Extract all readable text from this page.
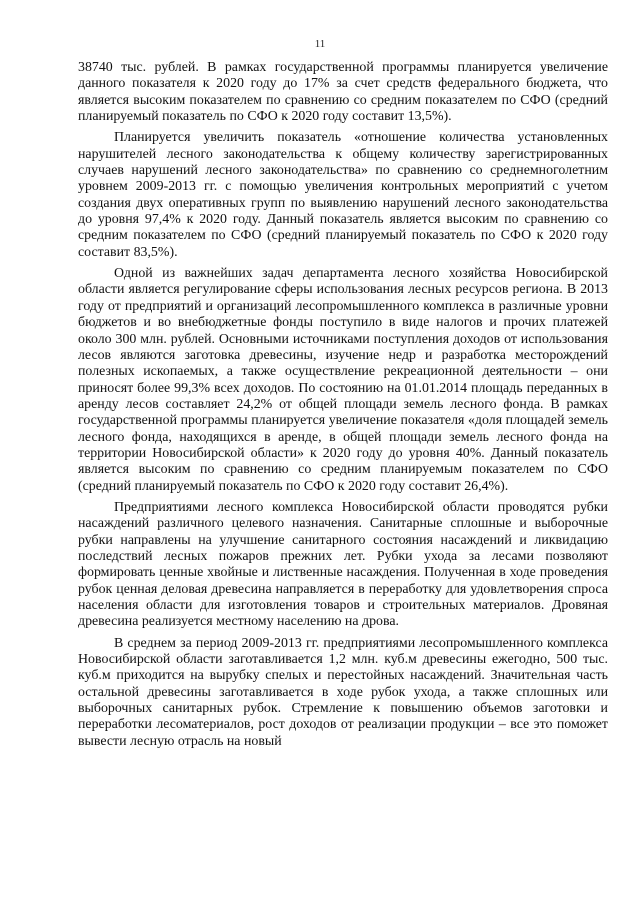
11

38740 тыс. рублей. В рамках государственной программы планируется увеличение данного показателя к 2020 году до 17% за счет средств федерального бюджета, что является высоким показателем по сравнению со средним показателем по СФО (средний планируемый показатель по СФО к 2020 году составит 13,5%).

Планируется увеличить показатель «отношение количества установленных нарушителей лесного законодательства к общему количеству зарегистрированных случаев нарушений лесного законодательства» по сравнению со среднемноголетним уровнем 2009-2013 гг. с помощью увеличения контрольных мероприятий с учетом создания двух оперативных групп по выявлению нарушений лесного законодательства до уровня 97,4% к 2020 году. Данный показатель является высоким по сравнению со средним показателем по СФО (средний планируемый показатель по СФО к 2020 году составит 83,5%).

Одной из важнейших задач департамента лесного хозяйства Новосибирской области является регулирование сферы использования лесных ресурсов региона. В 2013 году от предприятий и организаций лесопромышленного комплекса в различные уровни бюджетов и во внебюджетные фонды поступило в виде налогов и прочих платежей около 300 млн. рублей. Основными источниками поступления доходов от использования лесов являются заготовка древесины, изучение недр и разработка месторождений полезных ископаемых, а также осуществление рекреационной деятельности – они приносят более 99,3% всех доходов. По состоянию на 01.01.2014 площадь переданных в аренду лесов составляет 24,2% от общей площади земель лесного фонда. В рамках государственной программы планируется увеличение показателя «доля площадей земель лесного фонда, находящихся в аренде, в общей площади земель лесного фонда на территории Новосибирской области» к 2020 году до уровня 40%. Данный показатель является высоким по сравнению со средним планируемым показателем по СФО (средний планируемый показатель по СФО к 2020 году составит 26,4%).

Предприятиями лесного комплекса Новосибирской области проводятся рубки насаждений различного целевого назначения. Санитарные сплошные и выборочные рубки направлены на улучшение санитарного состояния насаждений и ликвидацию последствий лесных пожаров прежних лет. Рубки ухода за лесами позволяют формировать ценные хвойные и лиственные насаждения. Полученная в ходе проведения рубок ценная деловая древесина направляется в переработку для удовлетворения спроса населения области для изготовления товаров и строительных материалов. Дровяная древесина реализуется местному населению на дрова.

В среднем за период 2009-2013 гг. предприятиями лесопромышленного комплекса Новосибирской области заготавливается 1,2 млн. куб.м древесины ежегодно, 500 тыс. куб.м приходится на вырубку спелых и перестойных насаждений. Значительная часть остальной древесины заготавливается в ходе рубок ухода, а также сплошных или выборочных санитарных рубок. Стремление к повышению объемов заготовки и переработки лесоматериалов, рост доходов от реализации продукции – все это поможет вывести лесную отрасль на новый
